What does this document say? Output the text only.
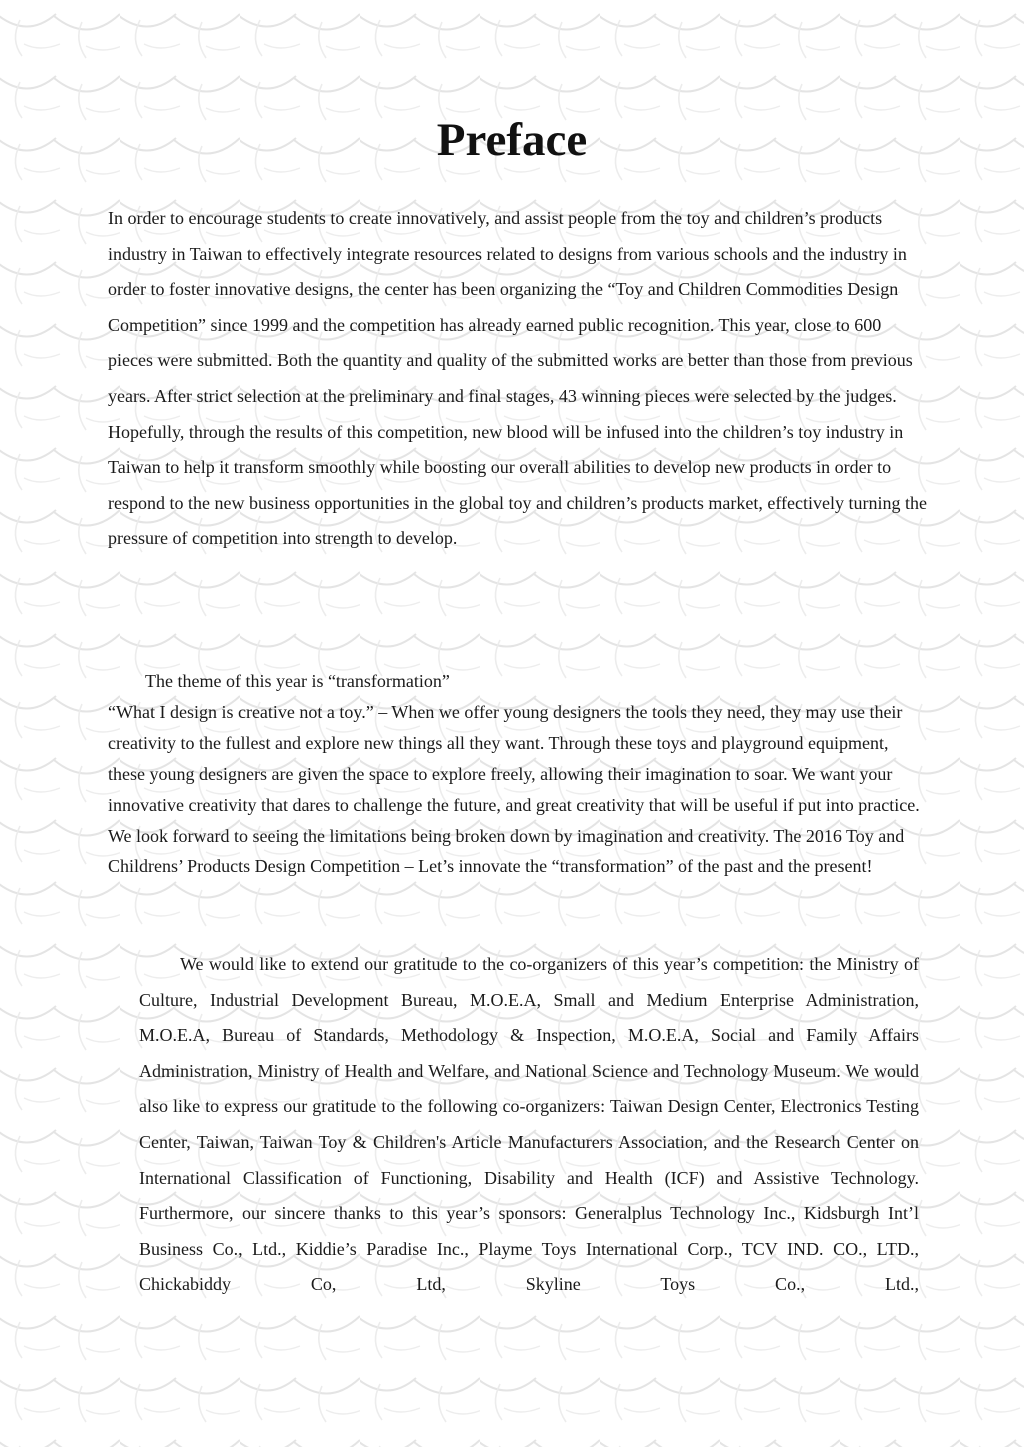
Preface

In order to encourage students to create innovatively, and assist people from the toy and children’s products industry in Taiwan to effectively integrate resources related to designs from various schools and the industry in order to foster innovative designs, the center has been organizing the “Toy and Children Commodities Design Competition” since 1999 and the competition has already earned public recognition. This year, close to 600 pieces were submitted. Both the quantity and quality of the submitted works are better than those from previous years. After strict selection at the preliminary and final stages, 43 winning pieces were selected by the judges. Hopefully, through the results of this competition, new blood will be infused into the children’s toy industry in Taiwan to help it transform smoothly while boosting our overall abilities to develop new products in order to respond to the new business opportunities in the global toy and children’s products market, effectively turning the pressure of competition into strength to develop.

The theme of this year is “transformation”
“What I design is creative not a toy.” – When we offer young designers the tools they need, they may use their creativity to the fullest and explore new things all they want. Through these toys and playground equipment, these young designers are given the space to explore freely, allowing their imagination to soar. We want your innovative creativity that dares to challenge the future, and great creativity that will be useful if put into practice. We look forward to seeing the limitations being broken down by imagination and creativity. The 2016 Toy and Childrens’ Products Design Competition – Let’s innovate the “transformation” of the past and the present!

We would like to extend our gratitude to the co-organizers of this year’s competition: the Ministry of Culture, Industrial Development Bureau, M.O.E.A, Small and Medium Enterprise Administration, M.O.E.A, Bureau of Standards, Methodology & Inspection, M.O.E.A, Social and Family Affairs Administration, Ministry of Health and Welfare, and National Science and Technology Museum. We would also like to express our gratitude to the following co-organizers: Taiwan Design Center, Electronics Testing Center, Taiwan, Taiwan Toy & Children's Article Manufacturers Association, and the Research Center on International Classification of Functioning, Disability and Health (ICF) and Assistive Technology. Furthermore, our sincere thanks to this year’s sponsors: Generalplus Technology Inc., Kidsburgh Int’l Business Co., Ltd., Kiddie’s Paradise Inc., Playme Toys International Corp., TCV IND. CO., LTD., Chickabiddy Co, Ltd, Skyline Toys Co., Ltd.,
